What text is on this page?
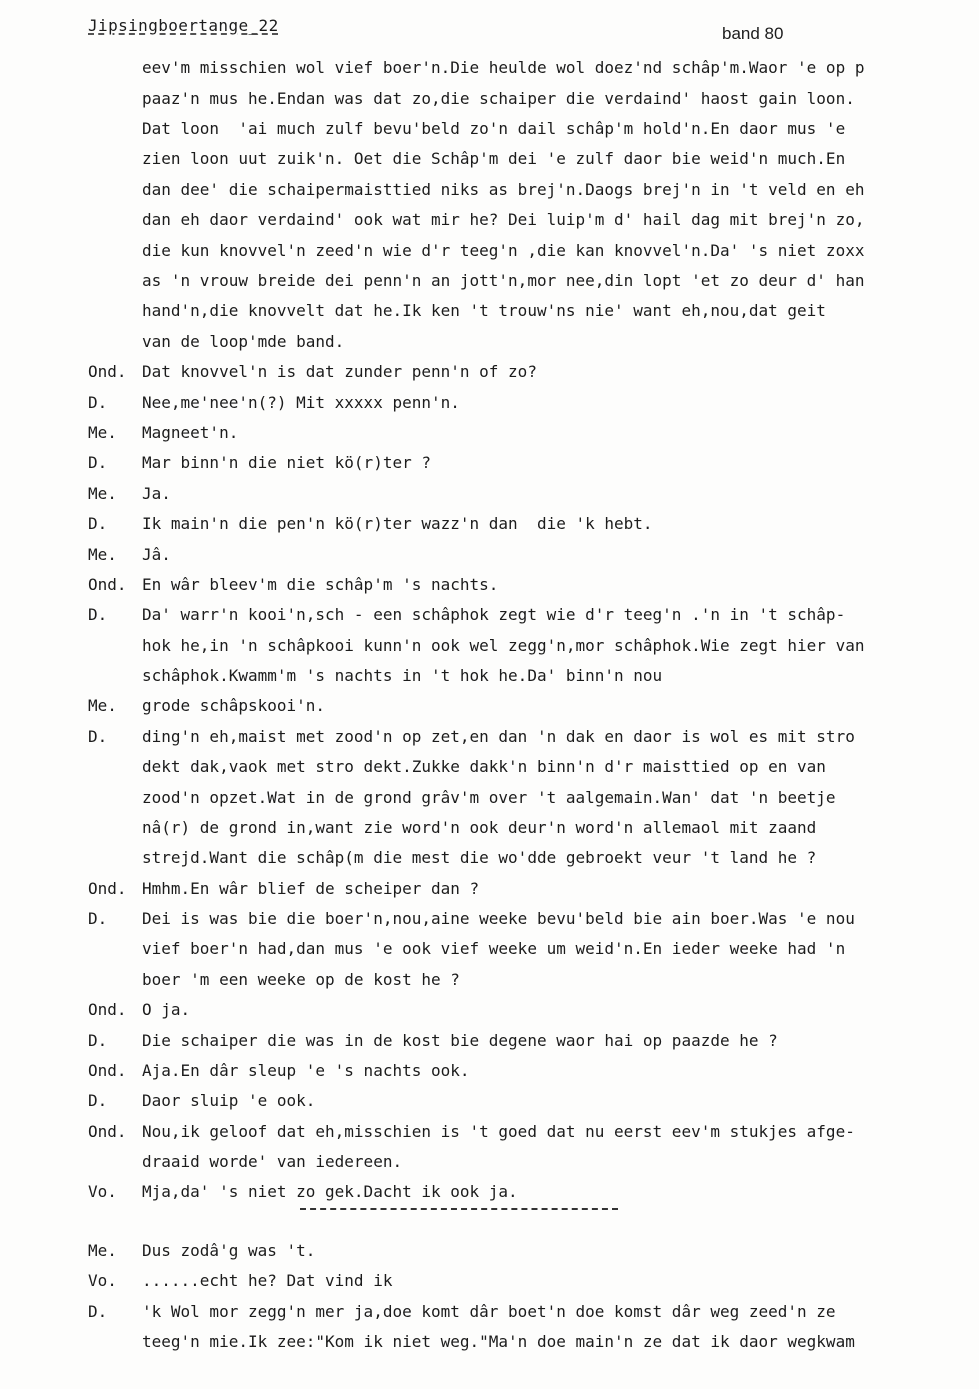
Jipsingboertange_22	band 80
eev'm misschien wol vief boer'n.Die heulde wol doez'nd schâp'm.Waor 'e op p
paaz'n mus he.Endan was dat zo,die schaiper die verdaind' haost gain loon.
Dat loon  'ai much zulf bevu'beld zo'n dail schâp'm hold'n.En daor mus 'e
zien loon uut zuik'n. Oet die Schâp'm dei 'e zulf daor bie weid'n much.En
dan dee' die schaipermaisttied niks as brej'n.Daogs brej'n in 't veld en eh
dan eh daor verdaind' ook wat mir he? Dei luip'm d' hail dag mit brej'n zo,
die kun knovvel'n zeed'n wie d'r teeg'n ,die kan knovvel'n.Da' 's niet zoxx
as 'n vrouw breide dei penn'n an jott'n,mor nee,din lopt 'et zo deur d' han
hand'n,die knovvelt dat he.Ik ken 't trouw'ns nie' want eh,nou,dat geit
van de loop'mde band.
Ond. Dat knovvel'n is dat zunder penn'n of zo?
D. Nee,me'nee'n(?) Mit xxxxx penn'n.
Me. Magneet'n.
D. Mar binn'n die niet kö(r)ter ?
Me. Ja.
D. Ik main'n die pen'n kö(r)ter wazz'n dan  die 'k hebt.
Me. Jâ.
Ond. En wâr bleev'm die schâp'm 's nachts.
D. Da' warr'n kooi'n,sch - een schâphok zegt wie d'r teeg'n .'n in 't schâp-
hok he,in 'n schâpkooi kunn'n ook wel zegg'n,mor schâphok.Wie zegt hier van
schâphok.Kwamm'm 's nachts in 't hok he.Da' binn'n nou
Me. grode schâpskooi'n.
D. ding'n eh,maist met zood'n op zet,en dan 'n dak en daor is wol es mit stro
dekt dak,vaok met stro dekt.Zukke dakk'n binn'n d'r maisttied op en van
zood'n opzet.Wat in de grond grâv'm over 't aalgemain.Wan' dat 'n beetje
nâ(r) de grond in,want zie word'n ook deur'n word'n allemaol mit zaand
strejd.Want die schâp(m die mest die wo'dde gebroekt veur 't land he ?
Ond. Hmhm.En wâr blief de scheiper dan ?
D. Dei is was bie die boer'n,nou,aine weeke bevu'beld bie ain boer.Was 'e nou
vief boer'n had,dan mus 'e ook vief weeke um weid'n.En ieder weeke had 'n
boer 'm een weeke op de kost he ?
Ond. O ja.
D. Die schaiper die was in de kost bie degene waor hai op paazde he ?
Ond. Aja.En dâr sleup 'e 's nachts ook.
D. Daor sluip 'e ook.
Ond. Nou,ik geloof dat eh,misschien is 't goed dat nu eerst eev'm stukjes afge-
draaid worde' van iedereen.
Vo. Mja,da' 's niet zo gek.Dacht ik ook ja.
Me. Dus zodâ'g was 't.
Vo. ......echt he? Dat vind ik
D. 'k Wol mor zegg'n mer ja,doe komt dâr boet'n doe komst dâr weg zeed'n ze
teeg'n mie.Ik zee:"Kom ik niet weg."Ma'n doe main'n ze dat ik daor wegkwam
